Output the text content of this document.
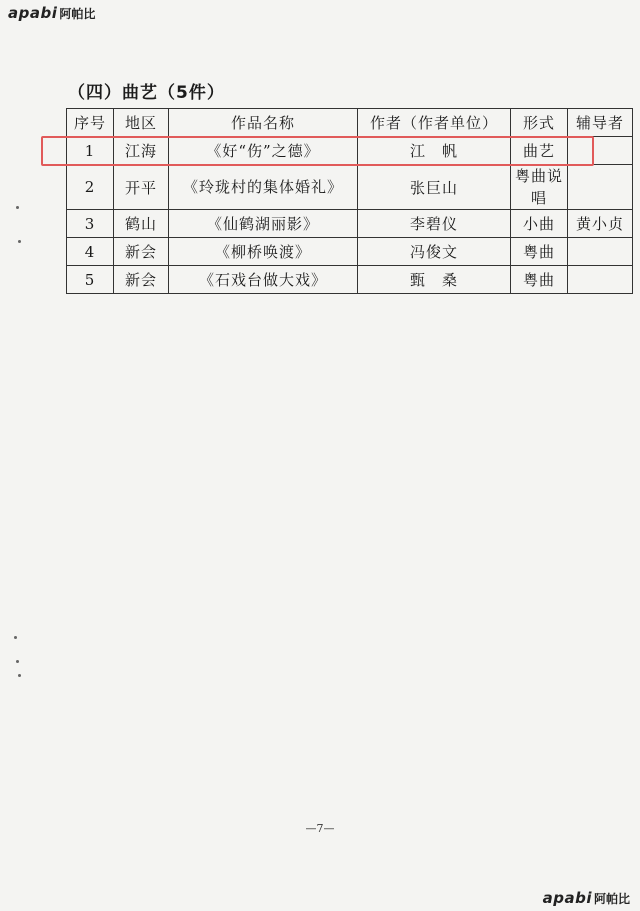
apabi 阿帕比
（四）曲艺（5件）
序号	地区	作品名称	作者（作者单位）	形式	辅导者
1	江海	《好“伤”之德》	江　帆	曲艺	
2	开平	《玲珑村的集体婚礼》	张巨山	粤曲说唱	
3	鹤山	《仙鹤湖丽影》	李碧仪	小曲	黄小贞
4	新会	《柳桥唤渡》	冯俊文	粤曲	
5	新会	《石戏台做大戏》	甄　桑	粤曲	
—7—
apabi 阿帕比
